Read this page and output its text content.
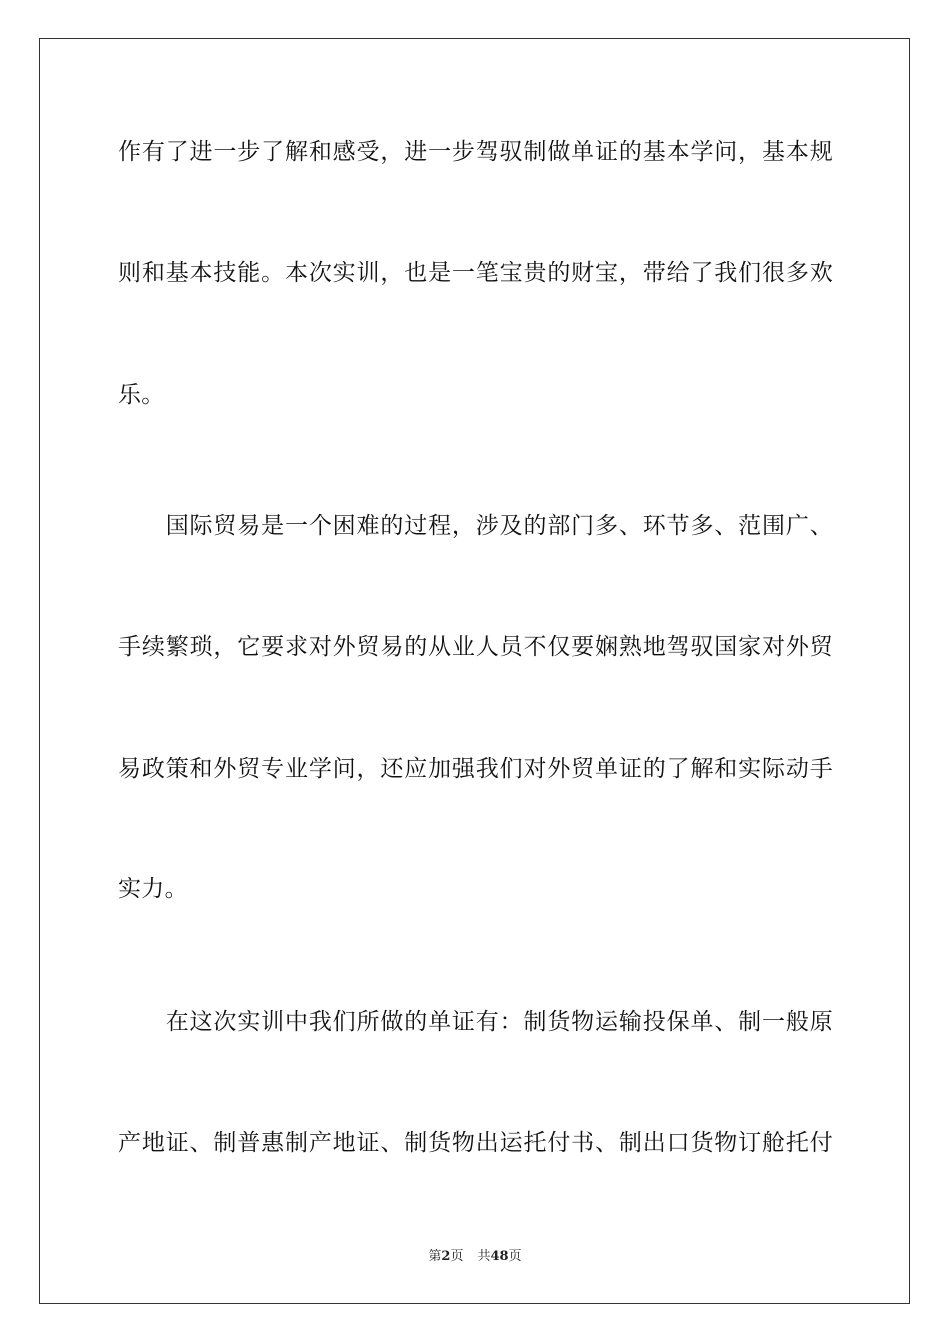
作有了进一步了解和感受，进一步驾驭制做单证的基本学问，基本规
则和基本技能。本次实训，也是一笔宝贵的财宝，带给了我们很多欢
乐。
　　国际贸易是一个困难的过程，涉及的部门多、环节多、范围广、
手续繁琐，它要求对外贸易的从业人员不仅要娴熟地驾驭国家对外贸
易政策和外贸专业学问，还应加强我们对外贸单证的了解和实际动手
实力。
　　在这次实训中我们所做的单证有：制货物运输投保单、制一般原
产地证、制普惠制产地证、制货物出运托付书、制出口货物订舱托付
第2页 共48页
